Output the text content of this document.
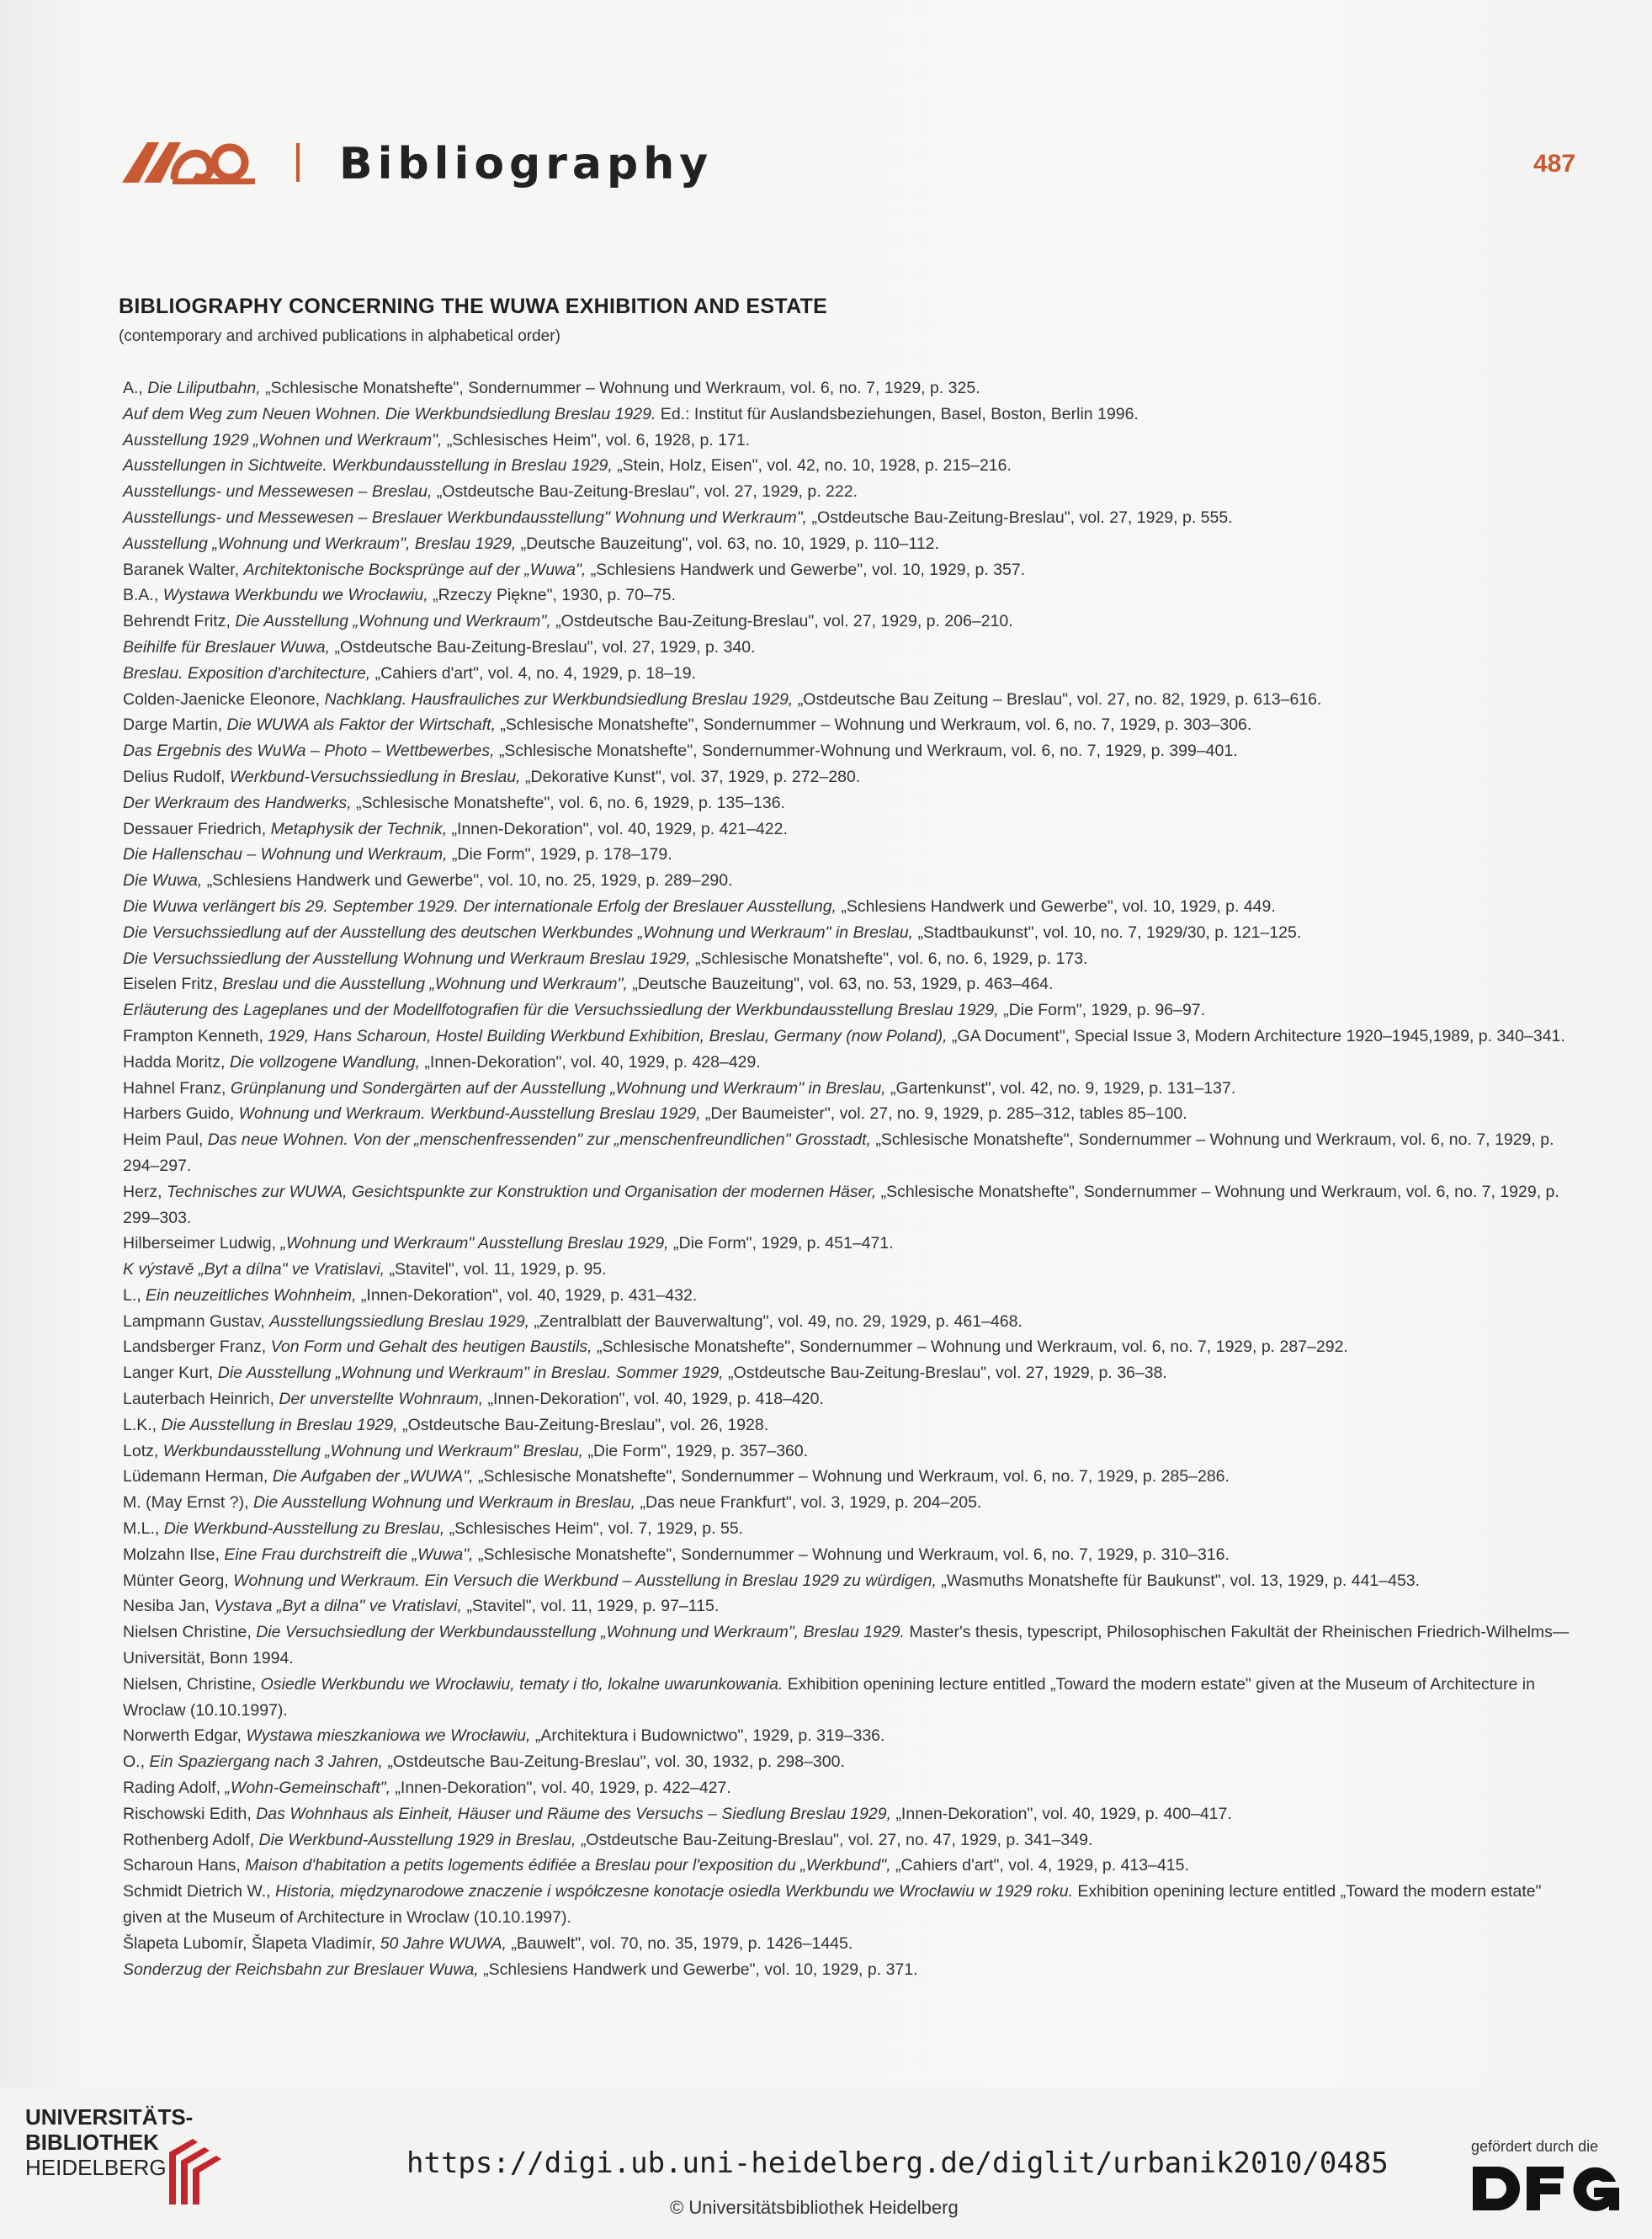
Bibliography	487
BIBLIOGRAPHY CONCERNING THE WUWA EXHIBITION AND ESTATE
(contemporary and archived publications in alphabetical order)
A., Die Liliputbahn, „Schlesische Monatshefte", Sondernummer – Wohnung und Werkraum, vol. 6, no. 7, 1929, p. 325.
Auf dem Weg zum Neuen Wohnen. Die Werkbundsiedlung Breslau 1929. Ed.: Institut für Auslandsbeziehungen, Basel, Boston, Berlin 1996.
Ausstellung 1929 „Wohnen und Werkraum", „Schlesisches Heim", vol. 6, 1928, p. 171.
Ausstellungen in Sichtweite. Werkbundausstellung in Breslau 1929, „Stein, Holz, Eisen", vol. 42, no. 10, 1928, p. 215–216.
Ausstellungs- und Messewesen – Breslau, „Ostdeutsche Bau-Zeitung-Breslau", vol. 27, 1929, p. 222.
Ausstellungs- und Messewesen – Breslauer Werkbundausstellung" Wohnung und Werkraum", „Ostdeutsche Bau-Zeitung-Breslau", vol. 27, 1929, p. 555.
Ausstellung „Wohnung und Werkraum", Breslau 1929, „Deutsche Bauzeitung", vol. 63, no. 10, 1929, p. 110–112.
Baranek Walter, Architektonische Bocksprünge auf der „Wuwa", „Schlesiens Handwerk und Gewerbe", vol. 10, 1929, p. 357.
B.A., Wystawa Werkbundu we Wrocławiu, „Rzeczy Piękne", 1930, p. 70–75.
Behrendt Fritz, Die Ausstellung „Wohnung und Werkraum", „Ostdeutsche Bau-Zeitung-Breslau", vol. 27, 1929, p. 206–210.
Beihilfe für Breslauer Wuwa, „Ostdeutsche Bau-Zeitung-Breslau", vol. 27, 1929, p. 340.
Breslau. Exposition d'architecture, „Cahiers d'art", vol. 4, no. 4, 1929, p. 18–19.
Colden-Jaenicke Eleonore, Nachklang. Hausfrauliches zur Werkbundsiedlung Breslau 1929, „Ostdeutsche Bau Zeitung – Breslau", vol. 27, no. 82, 1929, p. 613–616.
Darge Martin, Die WUWA als Faktor der Wirtschaft, „Schlesische Monatshefte", Sondernummer – Wohnung und Werkraum, vol. 6, no. 7, 1929, p. 303–306.
Das Ergebnis des WuWa – Photo – Wettbewerbes, „Schlesische Monatshefte", Sondernummer-Wohnung und Werkraum, vol. 6, no. 7, 1929, p. 399–401.
Delius Rudolf, Werkbund-Versuchssiedlung in Breslau, „Dekorative Kunst", vol. 37, 1929, p. 272–280.
Der Werkraum des Handwerks, „Schlesische Monatshefte", vol. 6, no. 6, 1929, p. 135–136.
Dessauer Friedrich, Metaphysik der Technik, „Innen-Dekoration", vol. 40, 1929, p. 421–422.
Die Hallenschau – Wohnung und Werkraum, „Die Form", 1929, p. 178–179.
Die Wuwa, „Schlesiens Handwerk und Gewerbe", vol. 10, no. 25, 1929, p. 289–290.
Die Wuwa verlängert bis 29. September 1929. Der internationale Erfolg der Breslauer Ausstellung, „Schlesiens Handwerk und Gewerbe", vol. 10, 1929, p. 449.
Die Versuchssiedlung auf der Ausstellung des deutschen Werkbundes „Wohnung und Werkraum" in Breslau, „Stadtbaukunst", vol. 10, no. 7, 1929/30, p. 121–125.
Die Versuchssiedlung der Ausstellung Wohnung und Werkraum Breslau 1929, „Schlesische Monatshefte", vol. 6, no. 6, 1929, p. 173.
Eiselen Fritz, Breslau und die Ausstellung „Wohnung und Werkraum", „Deutsche Bauzeitung", vol. 63, no. 53, 1929, p. 463–464.
Erläuterung des Lageplanes und der Modellfotografien für die Versuchssiedlung der Werkbundausstellung Breslau 1929, „Die Form", 1929, p. 96–97.
Frampton Kenneth, 1929, Hans Scharoun, Hostel Building Werkbund Exhibition, Breslau, Germany (now Poland), „GA Document", Special Issue 3, Modern Architecture 1920–1945,1989, p. 340–341.
Hadda Moritz, Die vollzogene Wandlung, „Innen-Dekoration", vol. 40, 1929, p. 428–429.
Hahnel Franz, Grünplanung und Sondergärten auf der Ausstellung „Wohnung und Werkraum" in Breslau, „Gartenkunst", vol. 42, no. 9, 1929, p. 131–137.
Harbers Guido, Wohnung und Werkraum. Werkbund-Ausstellung Breslau 1929, „Der Baumeister", vol. 27, no. 9, 1929, p. 285–312, tables 85–100.
Heim Paul, Das neue Wohnen. Von der „menschenfressenden" zur „menschenfreundlichen" Grosstadt, „Schlesische Monatshefte", Sondernummer – Wohnung und Werkraum, vol. 6, no. 7, 1929, p. 294–297.
Herz, Technisches zur WUWA, Gesichtspunkte zur Konstruktion und Organisation der modernen Häser, „Schlesische Monatshefte", Sondernummer – Wohnung und Werkraum, vol. 6, no. 7, 1929, p. 299–303.
Hilberseimer Ludwig, „Wohnung und Werkraum" Ausstellung Breslau 1929, „Die Form", 1929, p. 451–471.
K výstavě „Byt a dílna" ve Vratislavi, „Stavitel", vol. 11, 1929, p. 95.
L., Ein neuzeitliches Wohnheim, „Innen-Dekoration", vol. 40, 1929, p. 431–432.
Lampmann Gustav, Ausstellungssiedlung Breslau 1929, „Zentralblatt der Bauverwaltung", vol. 49, no. 29, 1929, p. 461–468.
Landsberger Franz, Von Form und Gehalt des heutigen Baustils, „Schlesische Monatshefte", Sondernummer – Wohnung und Werkraum, vol. 6, no. 7, 1929, p. 287–292.
Langer Kurt, Die Ausstellung „Wohnung und Werkraum" in Breslau. Sommer 1929, „Ostdeutsche Bau-Zeitung-Breslau", vol. 27, 1929, p. 36–38.
Lauterbach Heinrich, Der unverstellte Wohnraum, „Innen-Dekoration", vol. 40, 1929, p. 418–420.
L.K., Die Ausstellung in Breslau 1929, „Ostdeutsche Bau-Zeitung-Breslau", vol. 26, 1928.
Lotz, Werkbundausstellung „Wohnung und Werkraum" Breslau, „Die Form", 1929, p. 357–360.
Lüdemann Herman, Die Aufgaben der „WUWA", „Schlesische Monatshefte", Sondernummer – Wohnung und Werkraum, vol. 6, no. 7, 1929, p. 285–286.
M. (May Ernst ?), Die Ausstellung Wohnung und Werkraum in Breslau, „Das neue Frankfurt", vol. 3, 1929, p. 204–205.
M.L., Die Werkbund-Ausstellung zu Breslau, „Schlesisches Heim", vol. 7, 1929, p. 55.
Molzahn Ilse, Eine Frau durchstreift die „Wuwa", „Schlesische Monatshefte", Sondernummer – Wohnung und Werkraum, vol. 6, no. 7, 1929, p. 310–316.
Münter Georg, Wohnung und Werkraum. Ein Versuch die Werkbund – Ausstellung in Breslau 1929 zu würdigen, „Wasmuths Monatshefte für Baukunst", vol. 13, 1929, p. 441–453.
Nesiba Jan, Vystava „Byt a dilna" ve Vratislavi, „Stavitel", vol. 11, 1929, p. 97–115.
Nielsen Christine, Die Versuchsiedlung der Werkbundausstellung „Wohnung und Werkraum", Breslau 1929. Master's thesis, typescript, Philosophischen Fakultät der Rheinischen Friedrich-Wilhelms—Universität, Bonn 1994.
Nielsen, Christine, Osiedle Werkbundu we Wrocławiu, tematy i tło, lokalne uwarunkowania. Exhibition openining lecture entitled „Toward the modern estate" given at the Museum of Architecture in Wroclaw (10.10.1997).
Norwerth Edgar, Wystawa mieszkaniowa we Wrocławiu, „Architektura i Budownictwo", 1929, p. 319–336.
O., Ein Spaziergang nach 3 Jahren, „Ostdeutsche Bau-Zeitung-Breslau", vol. 30, 1932, p. 298–300.
Rading Adolf, „Wohn-Gemeinschaft", „Innen-Dekoration", vol. 40, 1929, p. 422–427.
Rischowski Edith, Das Wohnhaus als Einheit, Häuser und Räume des Versuchs – Siedlung Breslau 1929, „Innen-Dekoration", vol. 40, 1929, p. 400–417.
Rothenberg Adolf, Die Werkbund-Ausstellung 1929 in Breslau, „Ostdeutsche Bau-Zeitung-Breslau", vol. 27, no. 47, 1929, p. 341–349.
Scharoun Hans, Maison d'habitation a petits logements édifiée a Breslau pour l'exposition du „Werkbund", „Cahiers d'art", vol. 4, 1929, p. 413–415.
Schmidt Dietrich W., Historia, międzynarodowe znaczenie i współczesne konotacje osiedla Werkbundu we Wrocławiu w 1929 roku. Exhibition openining lecture entitled „Toward the modern estate" given at the Museum of Architecture in Wroclaw (10.10.1997).
Šlapeta Lubomír, Šlapeta Vladimír, 50 Jahre WUWA, „Bauwelt", vol. 70, no. 35, 1979, p. 1426–1445.
Sonderzug der Reichsbahn zur Breslauer Wuwa, „Schlesiens Handwerk und Gewerbe", vol. 10, 1929, p. 371.
UNIVERSITÄTS-
BIBLIOTHEK
HEIDELBERG	https://digi.ub.uni-heidelberg.de/diglit/urbanik2010/0485
© Universitätsbibliothek Heidelberg
gefördert durch die
